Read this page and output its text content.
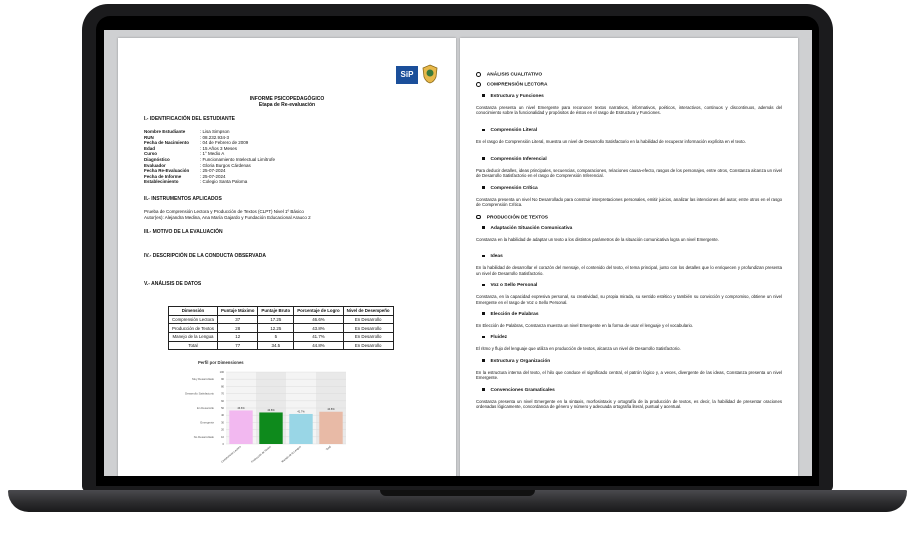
SiP
INFORME PSICOPEDAGÓGICO
Etapa de Re-evaluación
I.- IDENTIFICACIÓN DEL ESTUDIANTE
II.- INSTRUMENTOS APLICADOS
Prueba de Comprensión Lectora y Producción de Textos (CLPT) Nivel 1º Básico
Autor(es): Alejandra Medina, Ana María Gajardo y Fundación Educacional Arauco 2
III.- MOTIVO DE LA EVALUACIÓN
IV.- DESCRIPCIÓN DE LA CONDUCTA OBSERVADA
V.- ANÁLISIS DE DATOS
Dimensión	Puntaje Máximo	Puntaje Bruto	Porcentaje de Logro	Nivel de Desempeño
Comprensión Lectora	37	17.25	46.6%	En Desarrollo
Producción de Textos	28	12.25	43.8%	En Desarrollo
Manejo de la Lengua	12	5	41.7%	En Desarrollo
Total	77	34.5	44.8%	En Desarrollo
Perfil por Dimensiones
0
10
20
30
40
50
60
70
80
90
100
Muy Desarrollado
Desarrollo Satisfactorio
En Desarrollo
Emergente
No Desarrollado
46.6%
Comprensión Lectora
43.8%
Producción de Textos
41.7%
Manejo de la Lengua
44.8%
Total
Nombre Estudiante	: Lisa Simpson
RUN	: 08.232.934-3
Fecha de Nacimiento : 04 de Febrero de 2009
Edad	: 15 Años 3 Meses
Curso	: 1° Medio A
Diagnóstico	: Funcionamiento Intelectual Limítrofe
Evaluador	: Gloria Burgos Cárdenas
Fecha Re-Evaluación : 25-07-2024
Fecha de Informe	: 25-07-2024
Establecimiento	: Colegio Santa Paloma
ANÁLISIS CUALITATIVO
COMPRENSIÓN LECTORA
Estructura y Funciones
Constanza presenta un nivel Emergente para reconocer textos narrativos, informativos, poéticos, interactivos, continuos y discontinuos, además del conocimiento sobre la funcionalidad y propósitos de éstos en el rasgo de Estructura y Funciones.
Comprensión Literal
En el rasgo de Comprensión Literal, muestra un nivel de Desarrollo Satisfactorio en la habilidad de recuperar información explícita en el texto.
Comprensión Inferencial
Para deducir detalles, ideas principales, secuencias, comparaciones, relaciones causa-efecto, rasgos de los personajes, entre otros, Constanza alcanza un nivel de Desarrollo Satisfactorio en el rasgo de Comprensión Inferencial.
Comprensión Crítica
Constanza presenta un nivel No Desarrollado para construir interpretaciones personales, emitir juicios, analizar las intenciones del autor, entre otros en el rasgo de Comprensión Crítica.
PRODUCCIÓN DE TEXTOS
Adaptación Situación Comunicativa
Constanza en la habilidad de adaptar un texto a los distintos parámetros de la situación comunicativa logra un nivel Emergente.
Ideas
En la habilidad de desarrollar el corazón del mensaje, el contenido del texto, el tema principal, junto con los detalles que lo enriquecen y profundizan presenta un nivel de Desarrollo Satisfactorio.
Voz o Sello Personal
Constanza, en la capacidad expresiva personal, su creatividad, su propia mirada, su sentido estético y también su convicción y compromiso, obtiene un nivel Emergente en el rasgo de Voz o Sello Personal.
Elección de Palabras
En Elección de Palabras, Constanza muestra un nivel Emergente en la forma de usar el lenguaje y el vocabulario.
Fluidez
El ritmo y flujo del lenguaje que utiliza en producción de textos, alcanza un nivel de Desarrollo Satisfactorio.
Estructura y Organización
En la estructura interna del texto, el hilo que conduce el significado central, el patrón lógico y, a veces, divergente de las ideas, Constanza presenta un nivel Emergente.
Convenciones Gramaticales
Constanza presenta un nivel Emergente en la sintaxis, morfosintaxis y ortografía de la producción de textos, es decir, la habilidad de presentar oraciones ordenadas lógicamente, concordancia de género y número y adecuada ortografía literal, puntual y acentual.
